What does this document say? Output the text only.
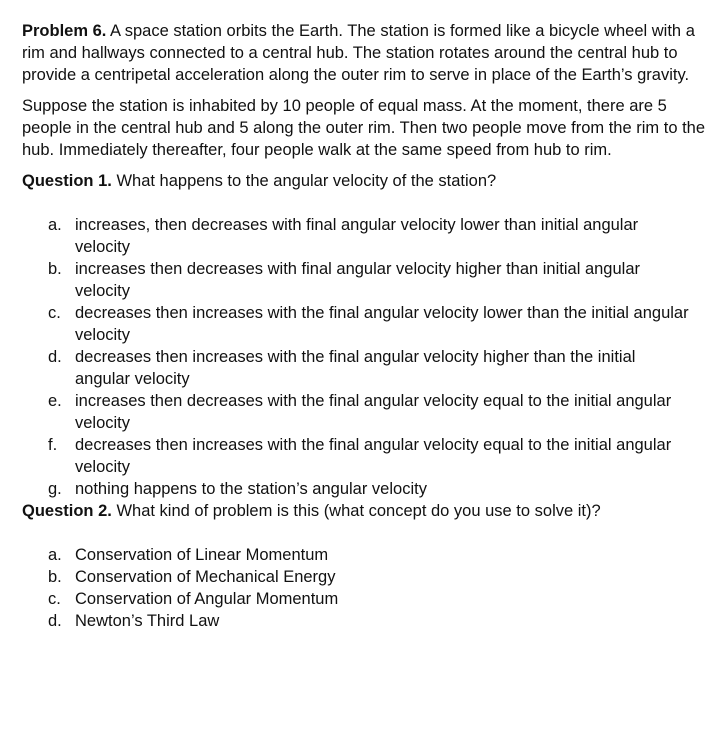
Problem 6. A space station orbits the Earth. The station is formed like a bicycle wheel with a rim and hallways connected to a central hub. The station rotates around the central hub to provide a centripetal acceleration along the outer rim to serve in place of the Earth’s gravity.

Suppose the station is inhabited by 10 people of equal mass. At the moment, there are 5 people in the central hub and 5 along the outer rim. Then two people move from the rim to the hub. Immediately thereafter, four people walk at the same speed from hub to rim.

Question 1. What happens to the angular velocity of the station?

a. increases, then decreases with final angular velocity lower than initial angular velocity
b. increases then decreases with final angular velocity higher than initial angular velocity
c. decreases then increases with the final angular velocity lower than the initial angular velocity
d. decreases then increases with the final angular velocity higher than the initial angular velocity
e. increases then decreases with the final angular velocity equal to the initial angular velocity
f.	decreases then increases with the final angular velocity equal to the initial angular velocity
g. nothing happens to the station’s angular velocity

Question 2. What kind of problem is this (what concept do you use to solve it)?

a. Conservation of Linear Momentum
b. Conservation of Mechanical Energy
c. Conservation of Angular Momentum
d. Newton’s Third Law
